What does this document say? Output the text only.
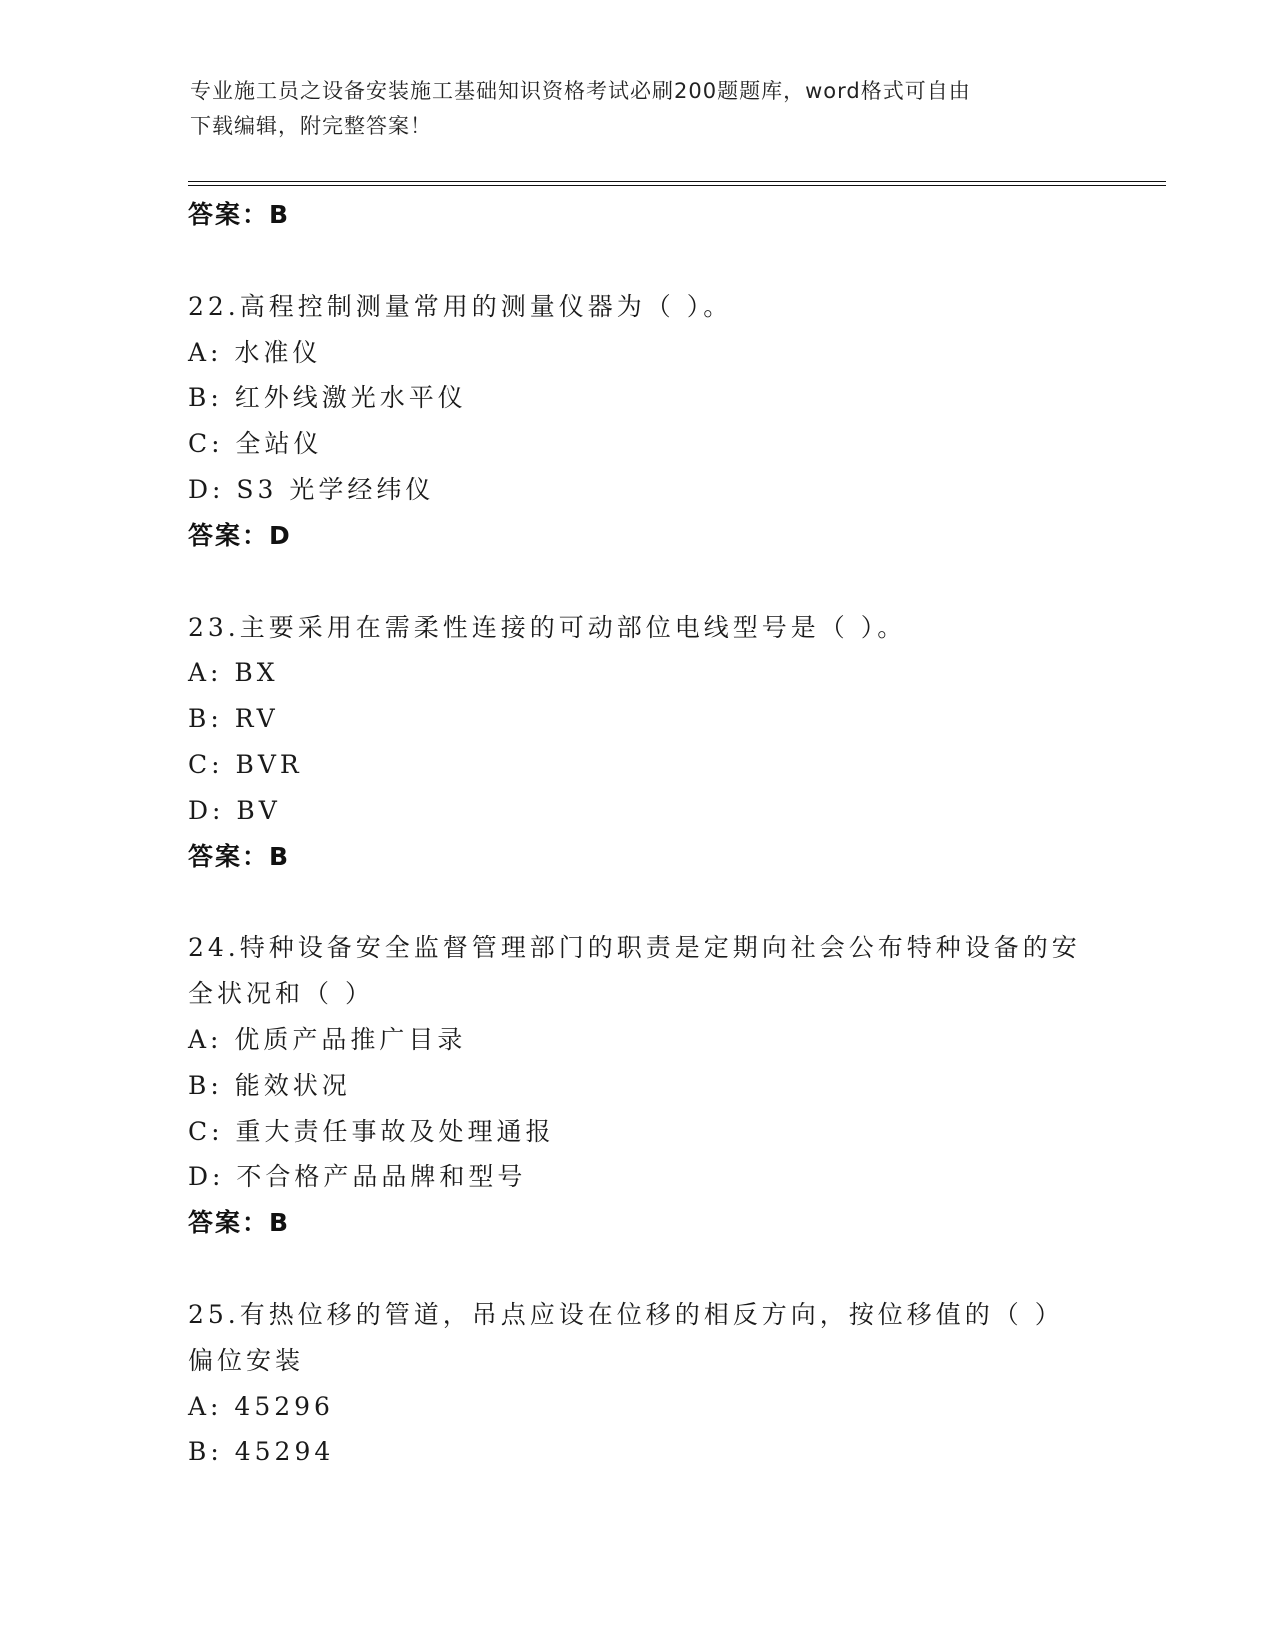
专业施工员之设备安装施工基础知识资格考试必刷200题题库，word格式可自由
下载编辑，附完整答案！
答案：B
22.高程控制测量常用的测量仪器为（ ）。
A: 水准仪
B: 红外线激光水平仪
C: 全站仪
D: S3 光学经纬仪
答案：D
23.主要采用在需柔性连接的可动部位电线型号是（ ）。
A: BX
B: RV
C: BVR
D: BV
答案：B
24.特种设备安全监督管理部门的职责是定期向社会公布特种设备的安
全状况和（ ）
A: 优质产品推广目录
B: 能效状况
C: 重大责任事故及处理通报
D: 不合格产品品牌和型号
答案：B
25.有热位移的管道，吊点应设在位移的相反方向，按位移值的（ ）
偏位安装
A: 45296
B: 45294
